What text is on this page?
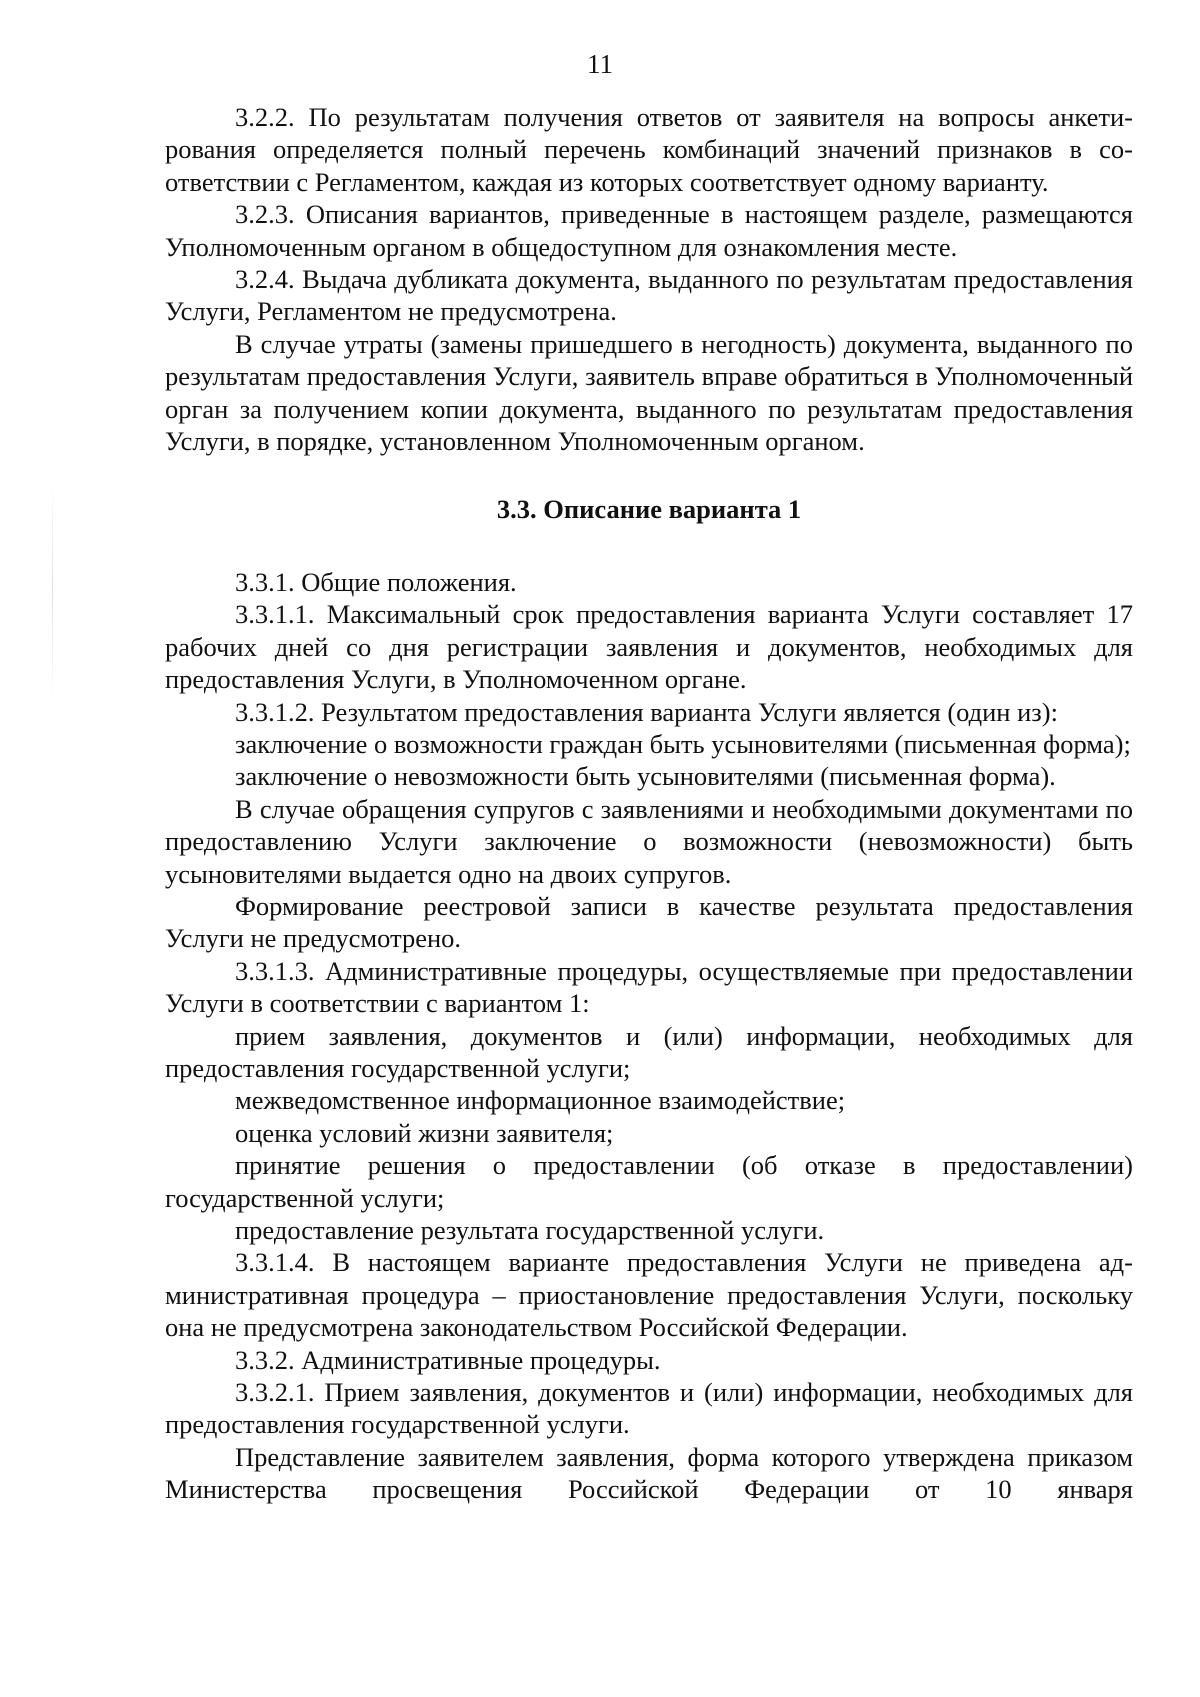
11

3.2.2. По результатам получения ответов от заявителя на вопросы анкетирования определяется полный перечень комбинаций значений признаков в соответствии с Регламентом, каждая из которых соответствует одному варианту.

3.2.3. Описания вариантов, приведенные в настоящем разделе, размещаются Уполномоченным органом в общедоступном для ознакомления месте.

3.2.4. Выдача дубликата документа, выданного по результатам предоставления Услуги, Регламентом не предусмотрена.

В случае утраты (замены пришедшего в негодность) документа, выданного по результатам предоставления Услуги, заявитель вправе обратиться в Уполномоченный орган за получением копии документа, выданного по результатам предоставления Услуги, в порядке, установленном Уполномоченным органом.

3.3. Описание варианта 1

3.3.1. Общие положения.

3.3.1.1. Максимальный срок предоставления варианта Услуги составляет 17 рабочих дней со дня регистрации заявления и документов, необходимых для предоставления Услуги, в Уполномоченном органе.

3.3.1.2. Результатом предоставления варианта Услуги является (один из):

заключение о возможности граждан быть усыновителями (письменная форма);

заключение о невозможности быть усыновителями (письменная форма).

В случае обращения супругов с заявлениями и необходимыми документами по предоставлению Услуги заключение о возможности (невозможности) быть усыновителями выдается одно на двоих супругов.

Формирование реестровой записи в качестве результата предоставления Услуги не предусмотрено.

3.3.1.3. Административные процедуры, осуществляемые при предоставлении Услуги в соответствии с вариантом 1:

прием заявления, документов и (или) информации, необходимых для предоставления государственной услуги;

межведомственное информационное взаимодействие;

оценка условий жизни заявителя;

принятие решения о предоставлении (об отказе в предоставлении) государственной услуги;

предоставление результата государственной услуги.

3.3.1.4. В настоящем варианте предоставления Услуги не приведена административная процедура – приостановление предоставления Услуги, поскольку она не предусмотрена законодательством Российской Федерации.

3.3.2. Административные процедуры.

3.3.2.1. Прием заявления, документов и (или) информации, необходимых для предоставления государственной услуги.

Представление заявителем заявления, форма которого утверждена приказом Министерства просвещения Российской Федерации от 10 января
